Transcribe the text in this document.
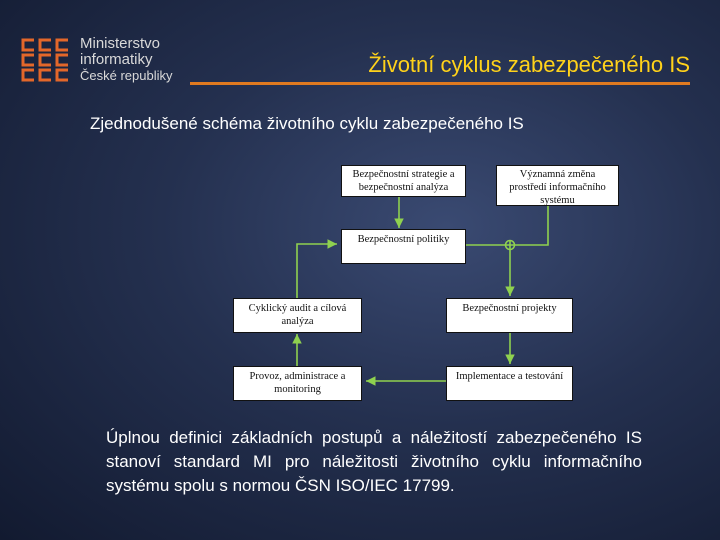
Ministerstvo
informatiky
České republiky	Životní cyklus zabezpečeného IS
Zjednodušené schéma životního cyklu zabezpečeného IS
Bezpečnostní strategie a bezpečnostní analýza
Významná změna prostředí informačního systému
Bezpečnostní politiky
Cyklický audit a cílová analýza
Bezpečnostní projekty
Provoz, administrace a monitoring
Implementace a testování
Úplnou definici základních postupů a náležitostí zabezpečeného IS stanoví standard MI pro náležitosti životního cyklu informačního systému spolu s normou ČSN ISO/IEC 17799.
